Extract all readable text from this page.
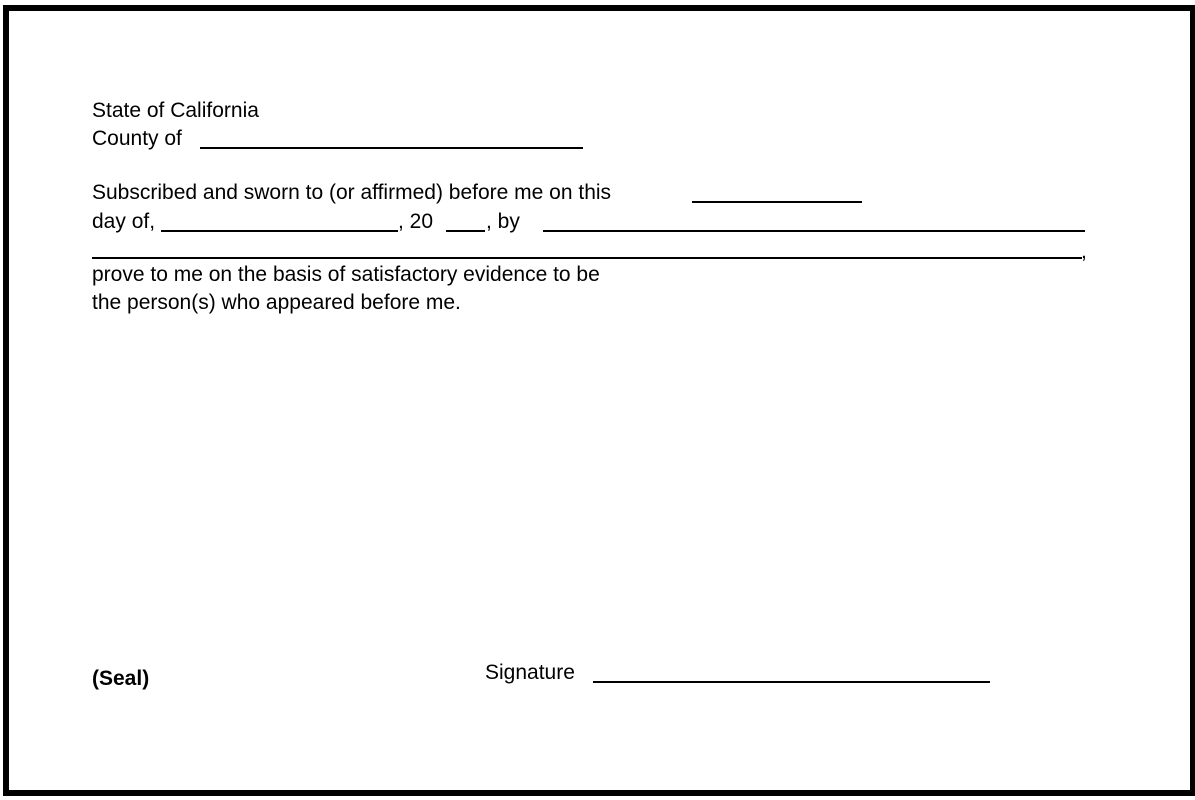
State of California
County of
Subscribed and sworn to (or affirmed) before me on this
day of,	, 20	, by
,
prove to me on the basis of satisfactory evidence to be
the person(s) who appeared before me.
(Seal)	Signature
